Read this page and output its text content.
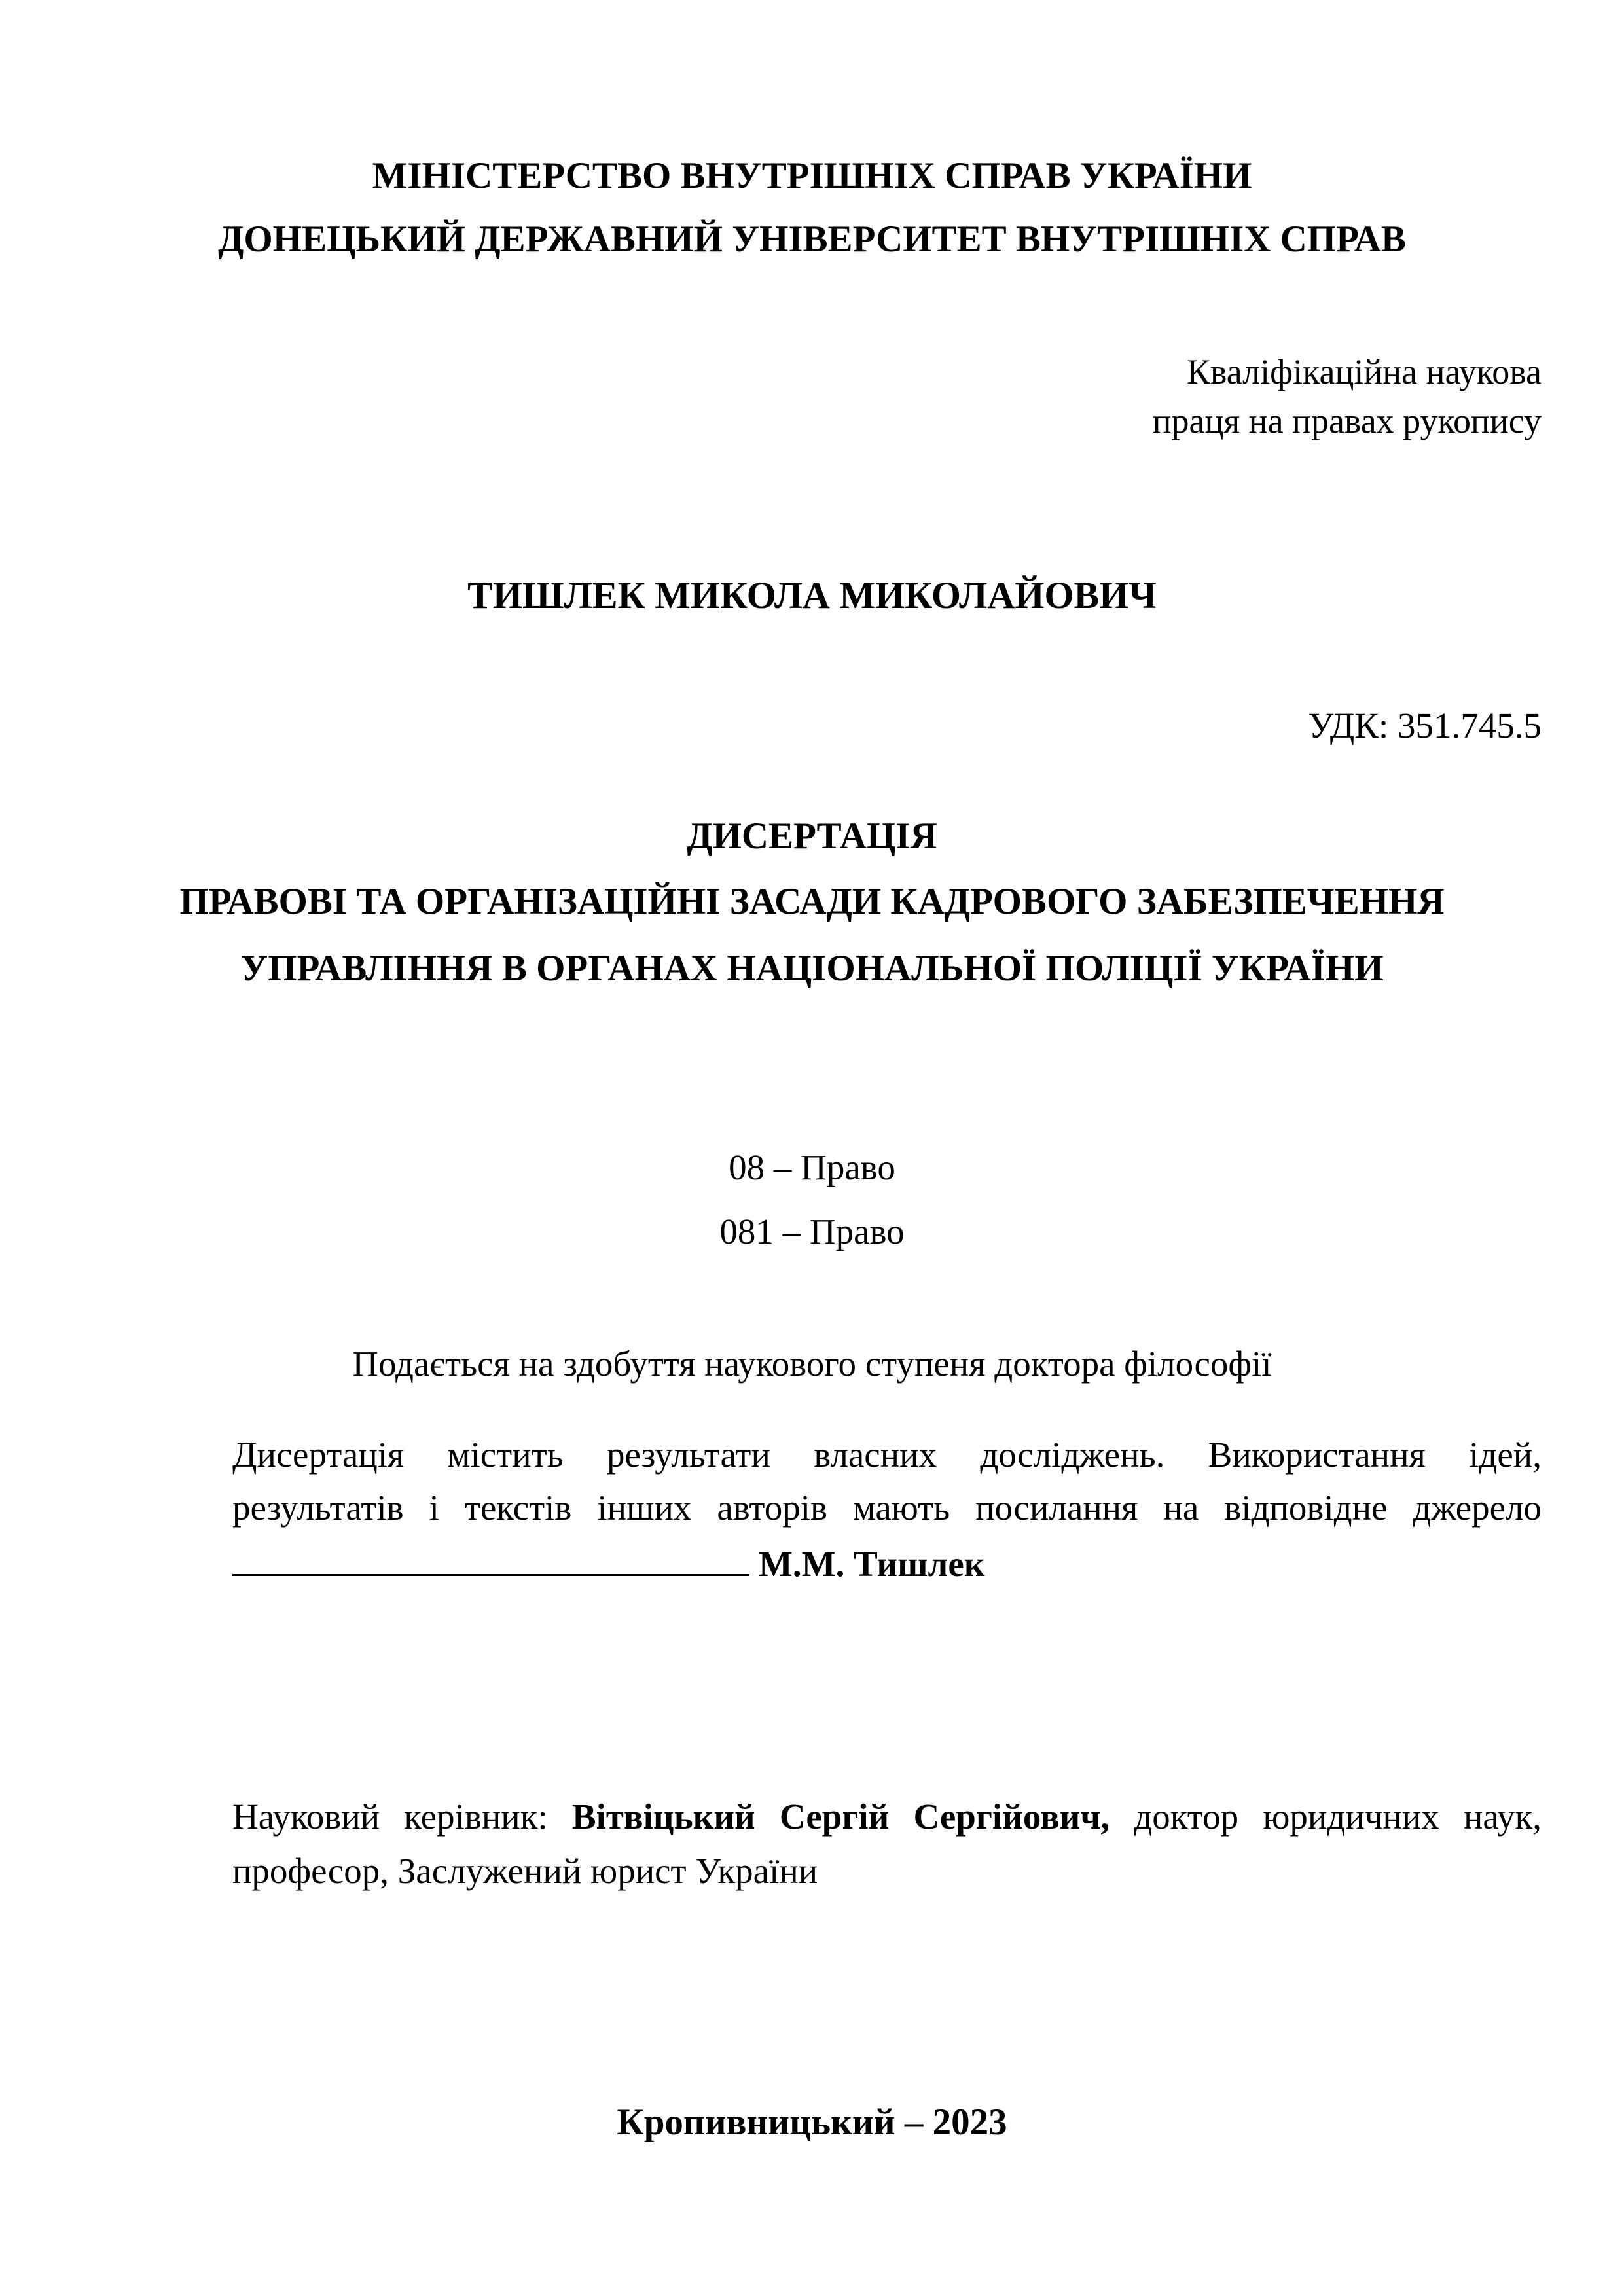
МІНІСТЕРСТВО ВНУТРІШНІХ СПРАВ УКРАЇНИ
ДОНЕЦЬКИЙ ДЕРЖАВНИЙ УНІВЕРСИТЕТ ВНУТРІШНІХ СПРАВ
Кваліфікаційна наукова
праця на правах рукопису
ТИШЛЕК МИКОЛА МИКОЛАЙОВИЧ
УДК: 351.745.5
ДИСЕРТАЦІЯ
ПРАВОВІ ТА ОРГАНІЗАЦІЙНІ ЗАСАДИ КАДРОВОГО ЗАБЕЗПЕЧЕННЯ
УПРАВЛІННЯ В ОРГАНАХ НАЦІОНАЛЬНОЇ ПОЛІЦІЇ УКРАЇНИ
08 – Право
081 – Право
Подається на здобуття наукового ступеня доктора філософії
Дисертація містить результати власних досліджень. Використання ідей,
результатів і текстів інших авторів мають посилання на відповідне джерело
М.М. Тишлек
Науковий керівник: Вітвіцький Сергій Сергійович, доктор юридичних наук,
професор, Заслужений юрист України
Кропивницький – 2023
